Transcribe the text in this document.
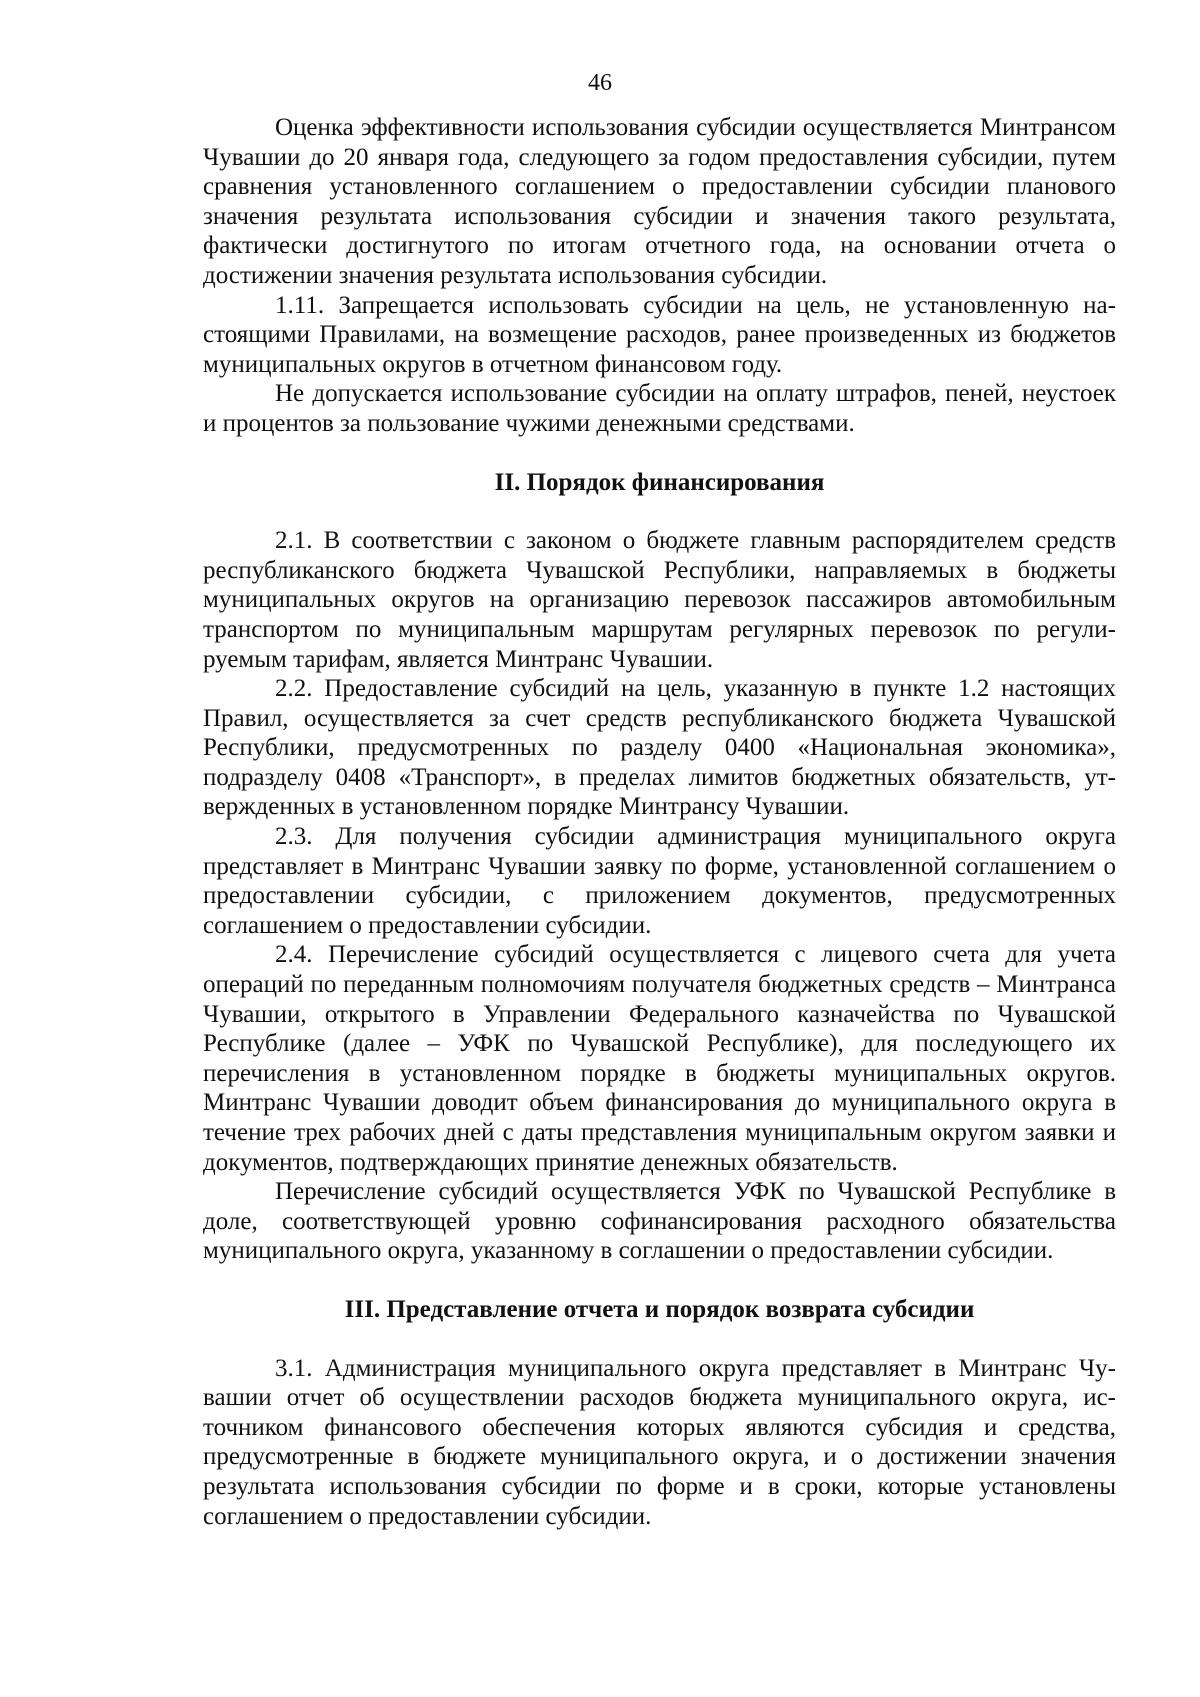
46

Оценка эффективности использования субсидии осуществляется Минтрансом Чувашии до 20 января года, следующего за годом предоставления субсидии, путем сравнения установленного соглашением о предоставлении субсидии планового значения результата использования субсидии и значения такого результата, фактически достигнутого по итогам отчетного года, на основании отчета о достижении значения результата использования субсидии.

1.11. Запрещается использовать субсидии на цель, не установленную настоящими Правилами, на возмещение расходов, ранее произведенных из бюджетов муниципальных округов в отчетном финансовом году.

Не допускается использование субсидии на оплату штрафов, пеней, неустоек и процентов за пользование чужими денежными средствами.

II. Порядок финансирования

2.1. В соответствии с законом о бюджете главным распорядителем средств республиканского бюджета Чувашской Республики, направляемых в бюджеты муниципальных округов на организацию перевозок пассажиров автомобильным транспортом по муниципальным маршрутам регулярных перевозок по регулируемым тарифам, является Минтранс Чувашии.

2.2. Предоставление субсидий на цель, указанную в пункте 1.2 настоящих Правил, осуществляется за счет средств республиканского бюджета Чувашской Республики, предусмотренных по разделу 0400 «Национальная экономика», подразделу 0408 «Транспорт», в пределах лимитов бюджетных обязательств, утвержденных в установленном порядке Минтрансу Чувашии.

2.3. Для получения субсидии администрация муниципального округа представляет в Минтранс Чувашии заявку по форме, установленной соглашением о предоставлении субсидии, с приложением документов, предусмотренных соглашением о предоставлении субсидии.

2.4. Перечисление субсидий осуществляется с лицевого счета для учета операций по переданным полномочиям получателя бюджетных средств – Минтранса Чувашии, открытого в Управлении Федерального казначейства по Чувашской Республике (далее – УФК по Чувашской Республике), для последующего их перечисления в установленном порядке в бюджеты муниципальных округов. Минтранс Чувашии доводит объем финансирования до муниципального округа в течение трех рабочих дней с даты представления муниципальным округом заявки и документов, подтверждающих принятие денежных обязательств.

Перечисление субсидий осуществляется УФК по Чувашской Республике в доле, соответствующей уровню софинансирования расходного обязательства муниципального округа, указанному в соглашении о предоставлении субсидии.

III. Представление отчета и порядок возврата субсидии

3.1. Администрация муниципального округа представляет в Минтранс Чувашии отчет об осуществлении расходов бюджета муниципального округа, источником финансового обеспечения которых являются субсидия и средства, предусмотренные в бюджете муниципального округа, и о достижении значения результата использования субсидии по форме и в сроки, которые установлены соглашением о предоставлении субсидии.
